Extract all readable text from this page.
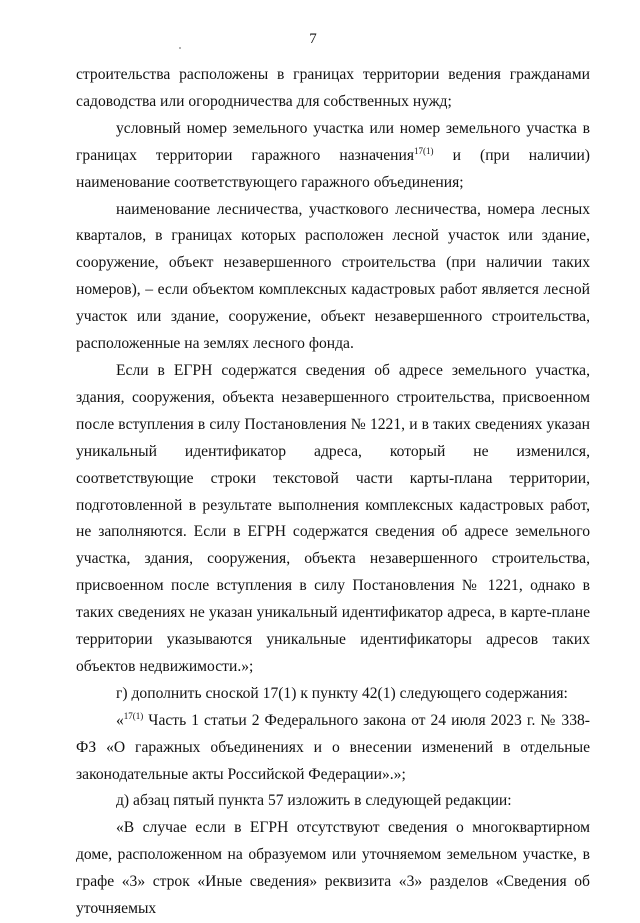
7

строительства расположены в границах территории ведения гражданами садоводства или огородничества для собственных нужд;

условный номер земельного участка или номер земельного участка в границах территории гаражного назначения$^{17(1)}$ и (при наличии) наименование соответствующего гаражного объединения;

наименование лесничества, участкового лесничества, номера лесных кварталов, в границах которых расположен лесной участок или здание, сооружение, объект незавершенного строительства (при наличии таких номеров), – если объектом комплексных кадастровых работ является лесной участок или здание, сооружение, объект незавершенного строительства, расположенные на землях лесного фонда.

Если в ЕГРН содержатся сведения об адресе земельного участка, здания, сооружения, объекта незавершенного строительства, присвоенном после вступления в силу Постановления № 1221, и в таких сведениях указан уникальный идентификатор адреса, который не изменился, соответствующие строки текстовой части карты-плана территории, подготовленной в результате выполнения комплексных кадастровых работ, не заполняются. Если в ЕГРН содержатся сведения об адресе земельного участка, здания, сооружения, объекта незавершенного строительства, присвоенном после вступления в силу Постановления № 1221, однако в таких сведениях не указан уникальный идентификатор адреса, в карте-плане территории указываются уникальные идентификаторы адресов таких объектов недвижимости.»;

г) дополнить сноской 17(1) к пункту 42(1) следующего содержания:

«$^{17(1)}$ Часть 1 статьи 2 Федерального закона от 24 июля 2023 г. № 338-ФЗ «О гаражных объединениях и о внесении изменений в отдельные законодательные акты Российской Федерации».»;

д) абзац пятый пункта 57 изложить в следующей редакции:

«В случае если в ЕГРН отсутствуют сведения о многоквартирном доме, расположенном на образуемом или уточняемом земельном участке, в графе «3» строк «Иные сведения» реквизита «3» разделов «Сведения об уточняемых
